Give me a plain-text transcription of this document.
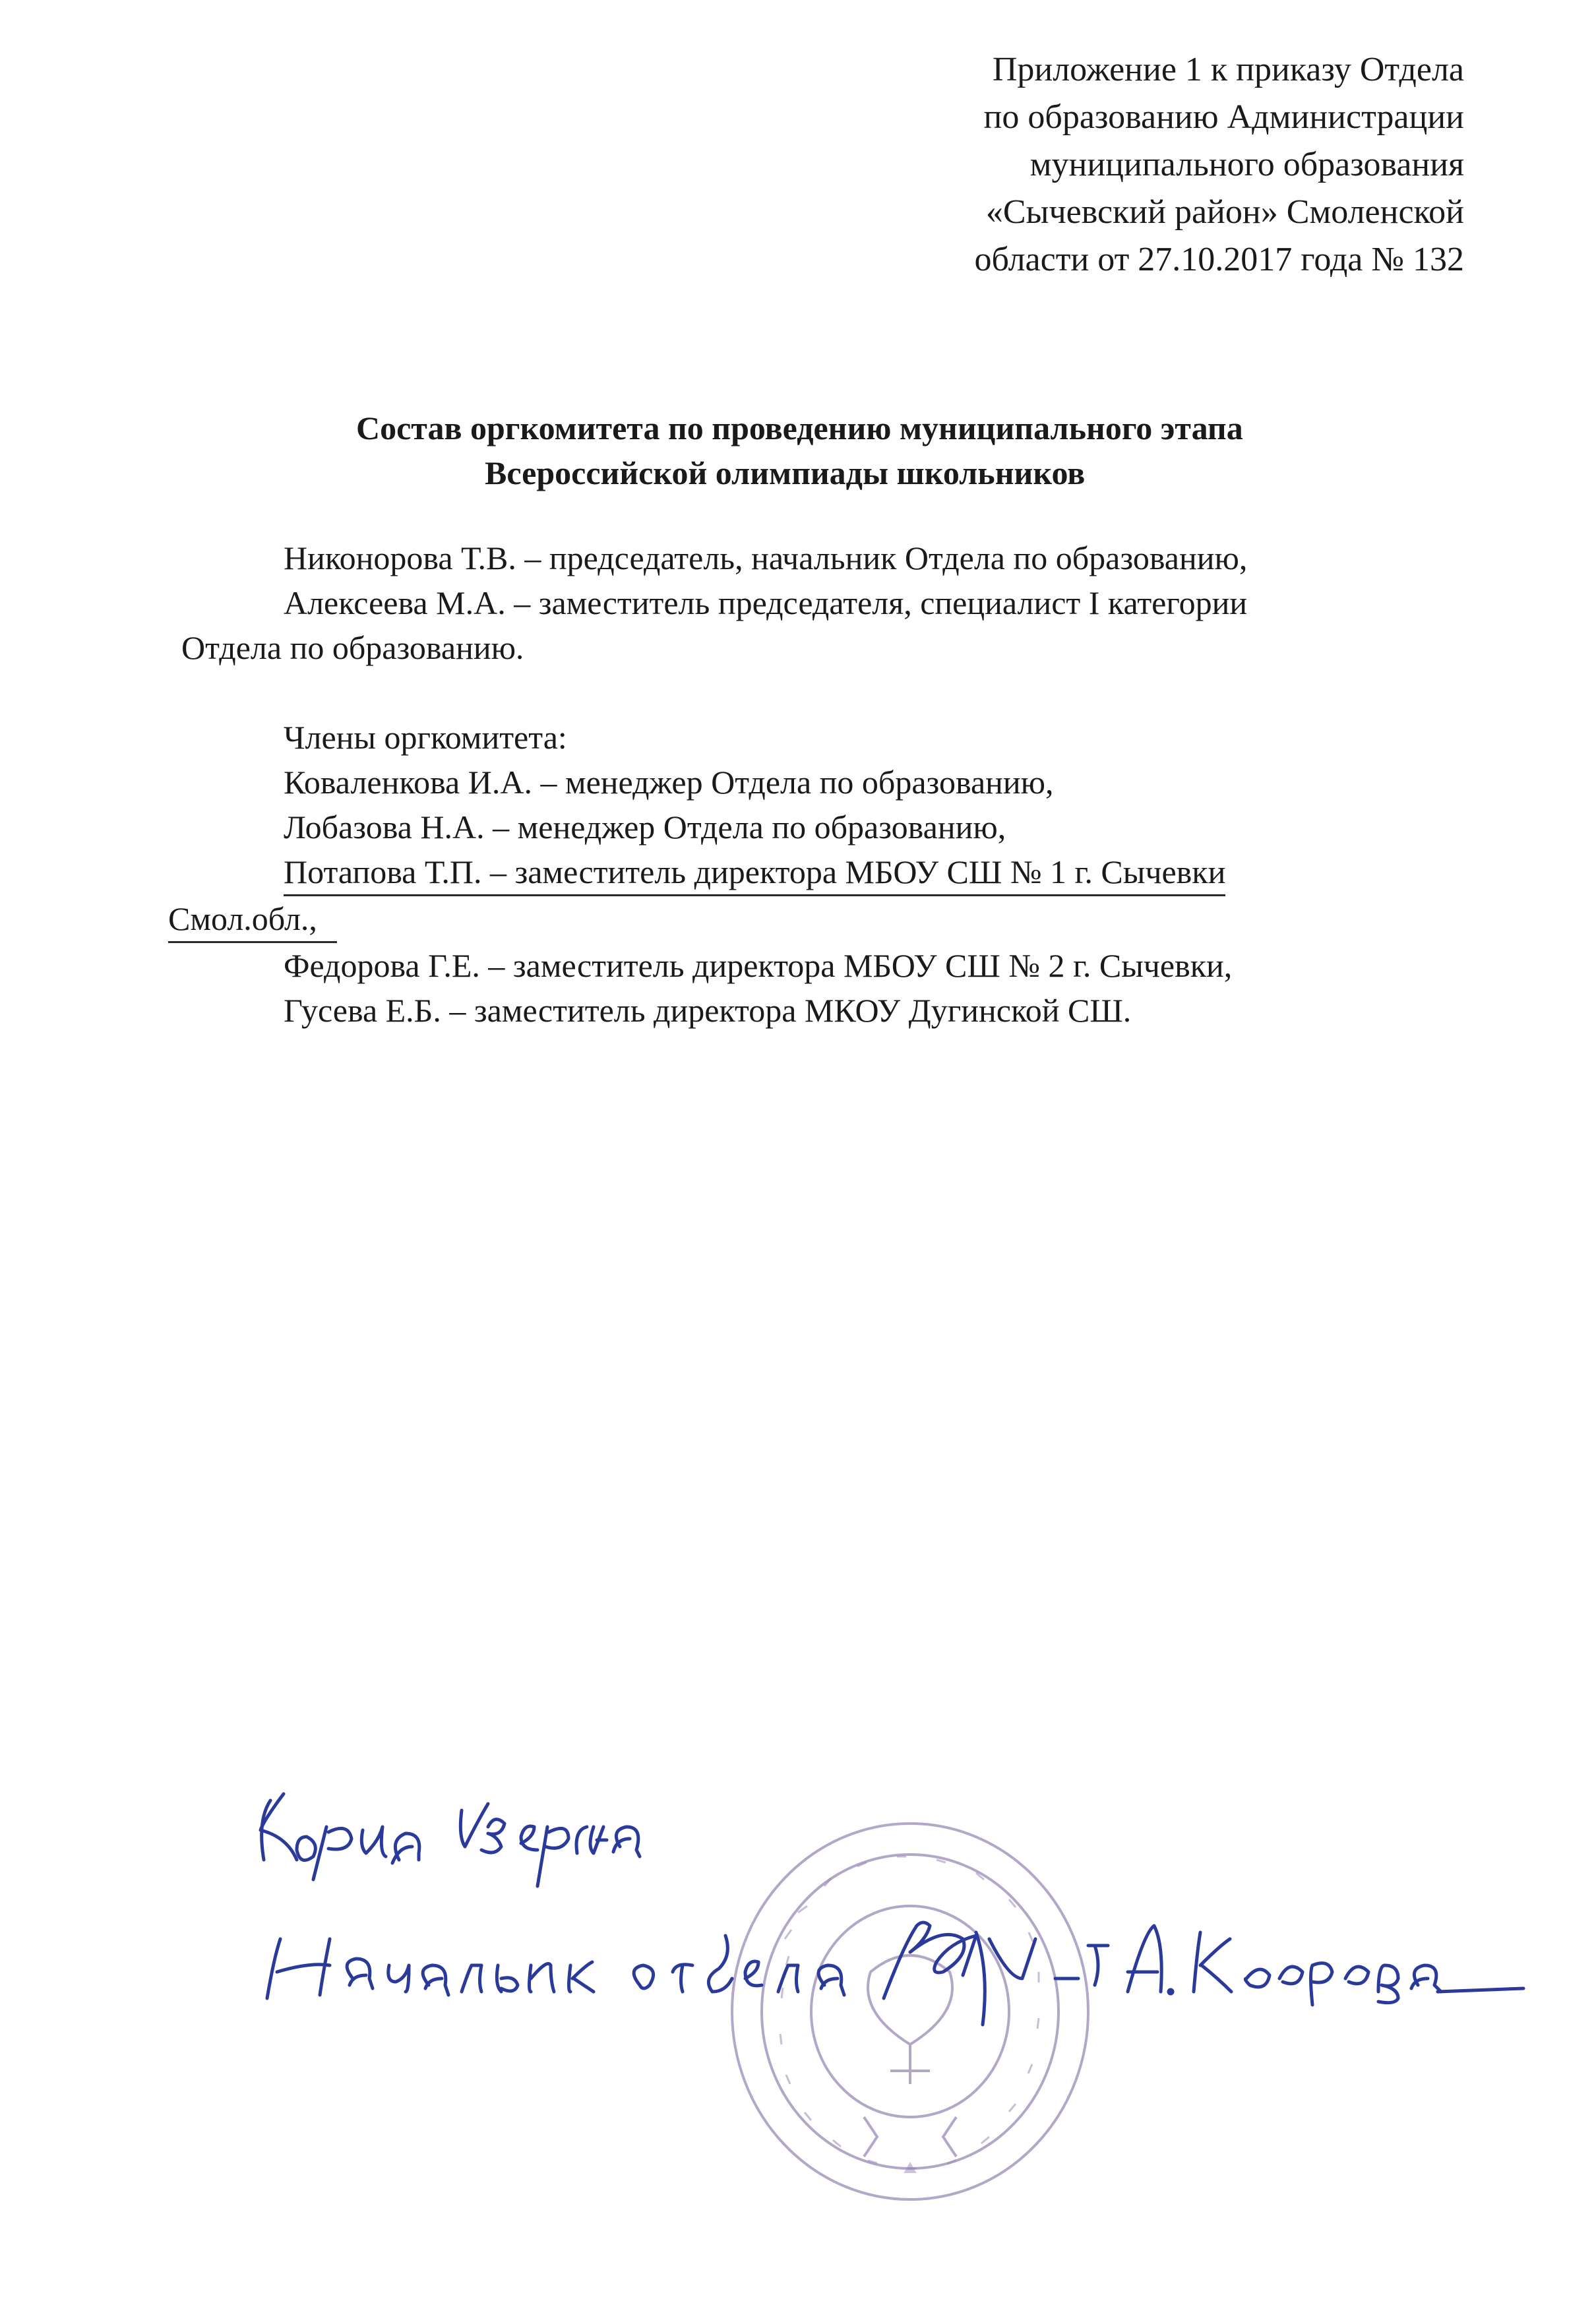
Приложение 1 к приказу Отдела
по образованию Администрации
муниципального образования
«Сычевский район» Смоленской
области от 27.10.2017 года № 132
Состав оргкомитета по проведению муниципального этапа
Всероссийской олимпиады школьников
Никонорова Т.В. – председатель, начальник Отдела по образованию,
Алексеева М.А. – заместитель председателя, специалист I категории
Отдела по образованию.
Члены оргкомитета:
Коваленкова И.А. – менеджер Отдела по образованию,
Лобазова Н.А. – менеджер Отдела по образованию,
Потапова Т.П. – заместитель директора МБОУ СШ № 1 г. Сычевки
Смол.обл.,
Федорова Г.Е. – заместитель директора МБОУ СШ № 2 г. Сычевки,
Гусева Е.Б. – заместитель директора МКОУ Дугинской СШ.
